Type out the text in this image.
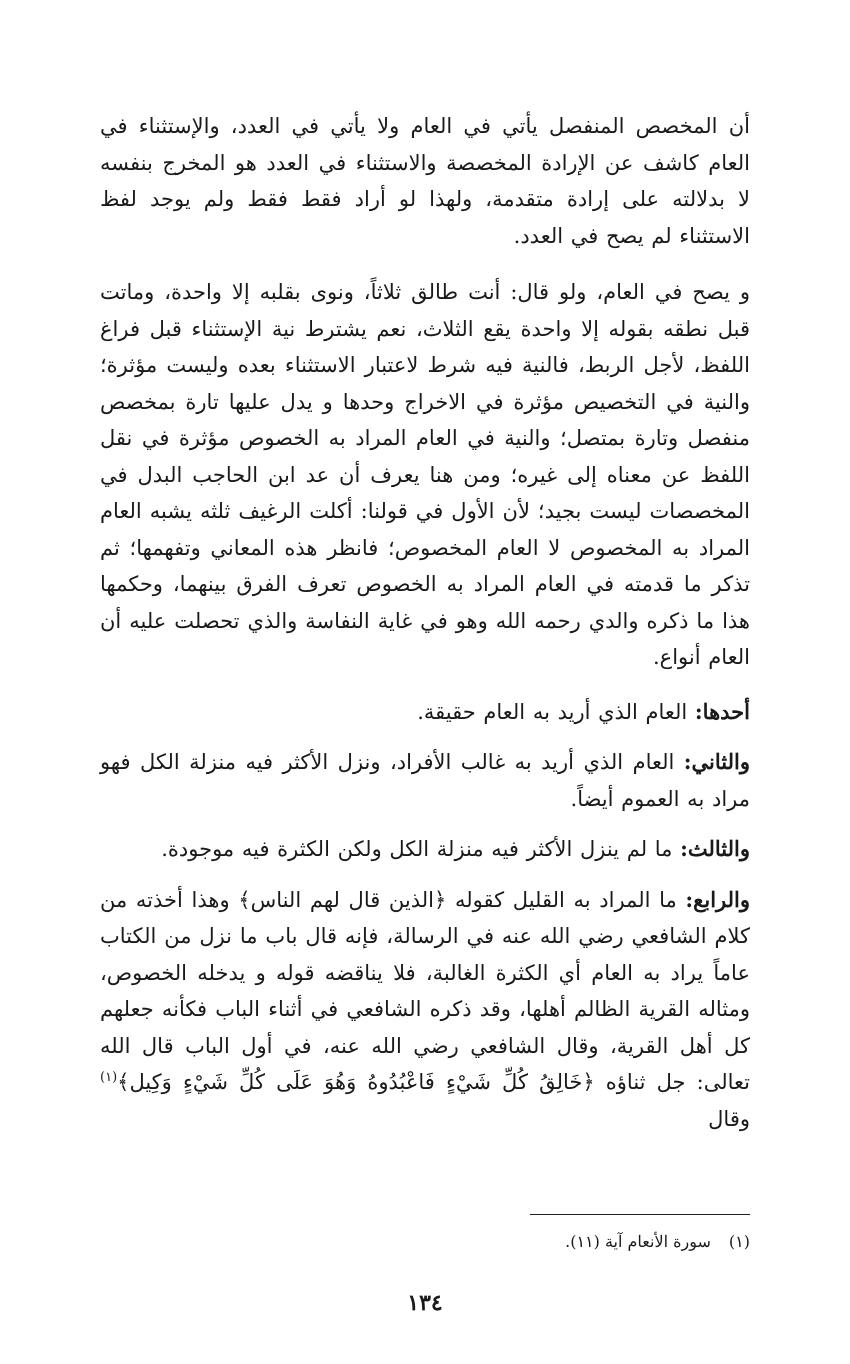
أن المخصص المنفصل يأتي في العام ولا يأتي في العدد، والإستثناء في العام كاشف عن الإرادة المخصصة والاستثناء في العدد هو المخرج بنفسه لا بدلالته على إرادة متقدمة، ولهذا لو أراد فقط فقط ولم يوجد لفظ الاستثناء لم يصح في العدد.

و يصح في العام، ولو قال: أنت طالق ثلاثاً، ونوى بقلبه إلا واحدة، وماتت قبل نطقه بقوله إلا واحدة يقع الثلاث، نعم يشترط نية الإستثناء قبل فراغ اللفظ، لأجل الربط، فالنية فيه شرط لاعتبار الاستثناء بعده وليست مؤثرة؛ والنية في التخصيص مؤثرة في الاخراج وحدها و يدل عليها تارة بمخصص منفصل وتارة بمتصل؛ والنية في العام المراد به الخصوص مؤثرة في نقل اللفظ عن معناه إلى غيره؛ ومن هنا يعرف أن عد ابن الحاجب البدل في المخصصات ليست بجيد؛ لأن الأول في قولنا: أكلت الرغيف ثلثه يشبه العام المراد به المخصوص لا العام المخصوص؛ فانظر هذه المعاني وتفهمها؛ ثم تذكر ما قدمته في العام المراد به الخصوص تعرف الفرق بينهما، وحكمها هذا ما ذكره والدي رحمه الله وهو في غاية النفاسة والذي تحصلت عليه أن العام أنواع.

أحدها: العام الذي أريد به العام حقيقة.

والثاني: العام الذي أريد به غالب الأفراد، ونزل الأكثر فيه منزلة الكل فهو مراد به العموم أيضاً.

والثالث: ما لم ينزل الأكثر فيه منزلة الكل ولكن الكثرة فيه موجودة.

والرابع: ما المراد به القليل كقوله ﴿الذين قال لهم الناس﴾ وهذا أخذته من كلام الشافعي رضي الله عنه في الرسالة، فإنه قال باب ما نزل من الكتاب عاماً يراد به العام أي الكثرة الغالبة، فلا يناقضه قوله و يدخله الخصوص، ومثاله القرية الظالم أهلها، وقد ذكره الشافعي في أثناء الباب فكأنه جعلهم كل أهل القرية، وقال الشافعي رضي الله عنه، في أول الباب قال الله تعالى: جل ثناؤه ﴿خَالِقُ كُلِّ شَيْءٍ فَاعْبُدُوهُ وَهُوَ عَلَى كُلِّ شَيْءٍ وَكِيل﴾$^{(١)}$ وقال

(١)سورة الأنعام آية (١١).
١٣٤
